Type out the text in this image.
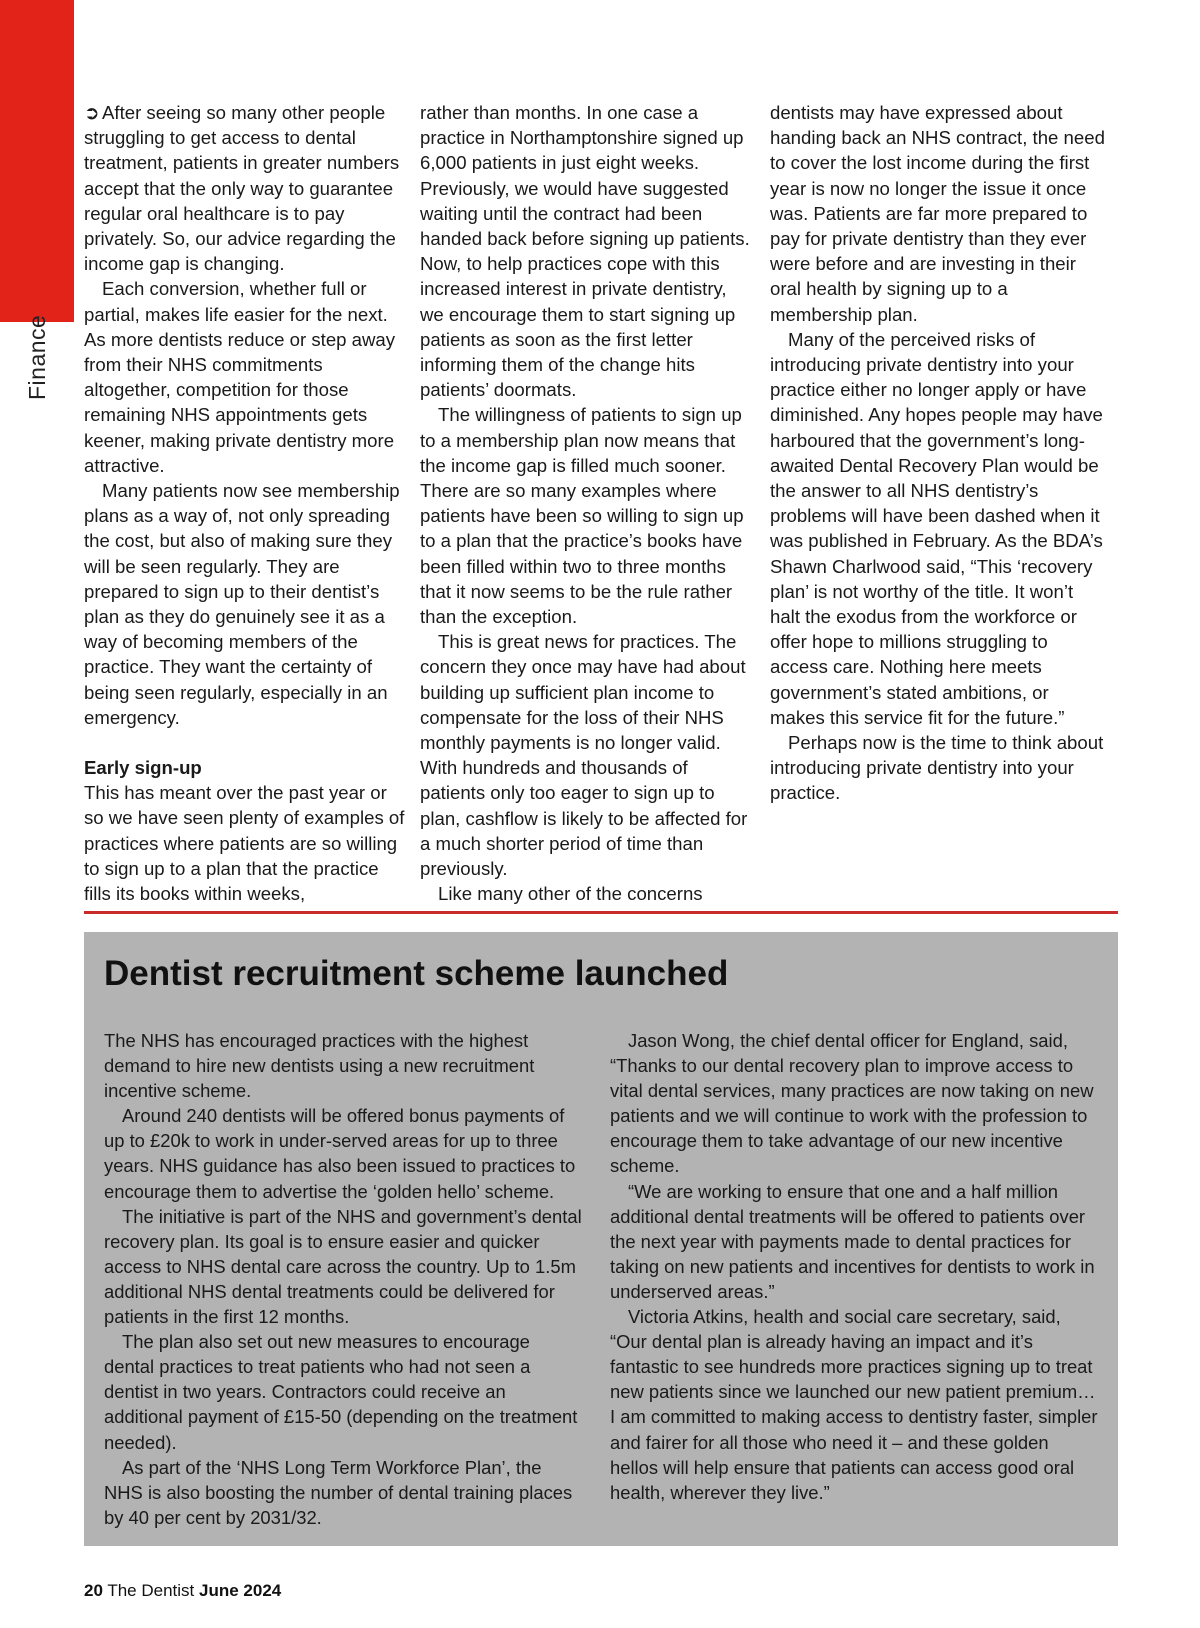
Finance

➲ After seeing so many other people struggling to get access to dental treatment, patients in greater numbers accept that the only way to guarantee regular oral healthcare is to pay privately. So, our advice regarding the income gap is changing.

Each conversion, whether full or partial, makes life easier for the next. As more dentists reduce or step away from their NHS commitments altogether, competition for those remaining NHS appointments gets keener, making private dentistry more attractive.

Many patients now see membership plans as a way of, not only spreading the cost, but also of making sure they will be seen regularly. They are prepared to sign up to their dentist’s plan as they do genuinely see it as a way of becoming members of the practice. They want the certainty of being seen regularly, especially in an emergency.

Early sign-up

This has meant over the past year or so we have seen plenty of examples of practices where patients are so willing to sign up to a plan that the practice fills its books within weeks,

rather than months. In one case a practice in Northamptonshire signed up 6,000 patients in just eight weeks. Previously, we would have suggested waiting until the contract had been handed back before signing up patients. Now, to help practices cope with this increased interest in private dentistry, we encourage them to start signing up patients as soon as the first letter informing them of the change hits patients’ doormats.

The willingness of patients to sign up to a membership plan now means that the income gap is filled much sooner. There are so many examples where patients have been so willing to sign up to a plan that the practice’s books have been filled within two to three months that it now seems to be the rule rather than the exception.

This is great news for practices. The concern they once may have had about building up sufficient plan income to compensate for the loss of their NHS monthly payments is no longer valid. With hundreds and thousands of patients only too eager to sign up to plan, cashflow is likely to be affected for a much shorter period of time than previously.

Like many other of the concerns

dentists may have expressed about handing back an NHS contract, the need to cover the lost income during the first year is now no longer the issue it once was. Patients are far more prepared to pay for private dentistry than they ever were before and are investing in their oral health by signing up to a membership plan.

Many of the perceived risks of introducing private dentistry into your practice either no longer apply or have diminished. Any hopes people may have harboured that the government’s long-awaited Dental Recovery Plan would be the answer to all NHS dentistry’s problems will have been dashed when it was published in February. As the BDA’s Shawn Charlwood said, “This ‘recovery plan’ is not worthy of the title. It won’t halt the exodus from the workforce or offer hope to millions struggling to access care. Nothing here meets government’s stated ambitions, or makes this service fit for the future.”

Perhaps now is the time to think about introducing private dentistry into your practice.

Dentist recruitment scheme launched

The NHS has encouraged practices with the highest demand to hire new dentists using a new recruitment incentive scheme.

Around 240 dentists will be offered bonus payments of up to £20k to work in under-served areas for up to three years. NHS guidance has also been issued to practices to encourage them to advertise the ‘golden hello’ scheme.

The initiative is part of the NHS and government’s dental recovery plan. Its goal is to ensure easier and quicker access to NHS dental care across the country. Up to 1.5m additional NHS dental treatments could be delivered for patients in the first 12 months.

The plan also set out new measures to encourage dental practices to treat patients who had not seen a dentist in two years. Contractors could receive an additional payment of £15-50 (depending on the treatment needed).

As part of the ‘NHS Long Term Workforce Plan’, the NHS is also boosting the number of dental training places by 40 per cent by 2031/32.

Jason Wong, the chief dental officer for England, said, “Thanks to our dental recovery plan to improve access to vital dental services, many practices are now taking on new patients and we will continue to work with the profession to encourage them to take advantage of our new incentive scheme.

“We are working to ensure that one and a half million additional dental treatments will be offered to patients over the next year with payments made to dental practices for taking on new patients and incentives for dentists to work in underserved areas.”

Victoria Atkins, health and social care secretary, said, “Our dental plan is already having an impact and it’s fantastic to see hundreds more practices signing up to treat new patients since we launched our new patient premium… I am committed to making access to dentistry faster, simpler and fairer for all those who need it – and these golden hellos will help ensure that patients can access good oral health, wherever they live.”

20 The Dentist June 2024
